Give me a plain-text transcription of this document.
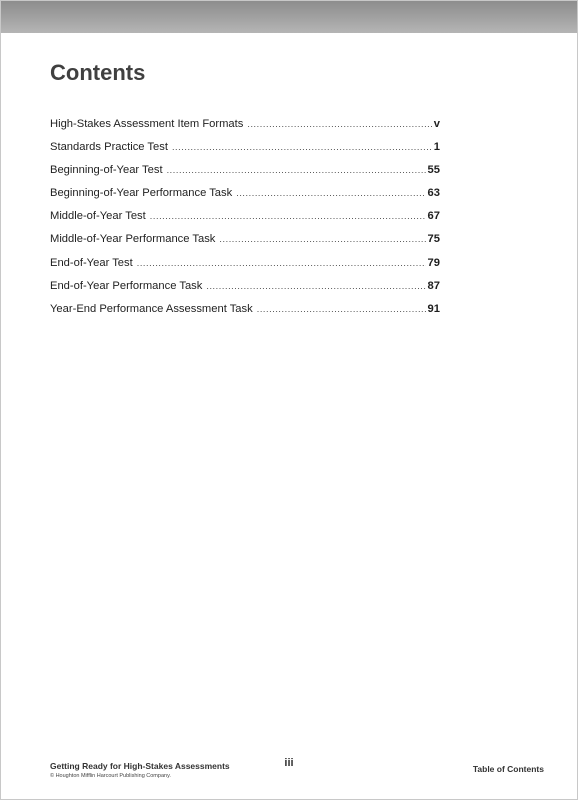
Contents
High-Stakes Assessment Item Formats .....	v
Standards Practice Test .....	1
Beginning-of-Year Test .....	55
Beginning-of-Year Performance Task .....	63
Middle-of-Year Test .....	67
Middle-of-Year Performance Task .....	75
End-of-Year Test .....	79
End-of-Year Performance Task .....	87
Year-End Performance Assessment Task .....	91
Getting Ready for High-Stakes Assessments
© Houghton Mifflin Harcourt Publishing Company.
iii	Table of Contents
